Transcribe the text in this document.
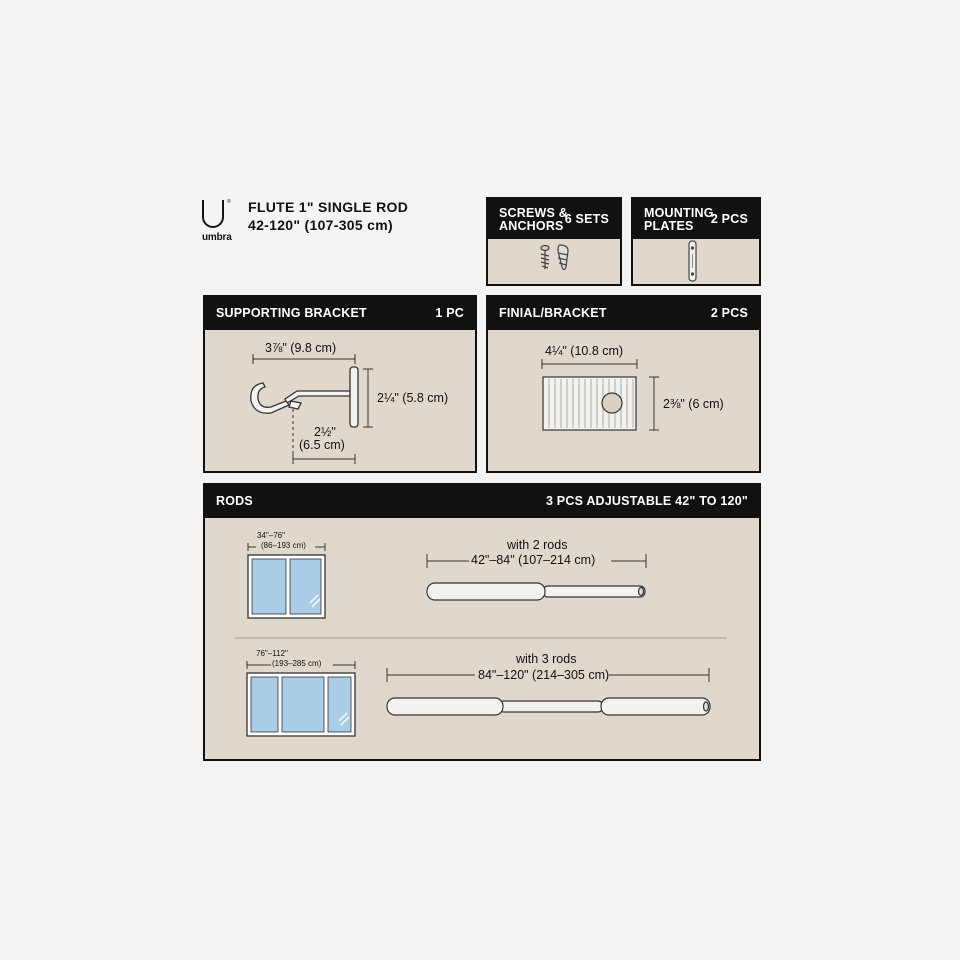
®
umbra
FLUTE 1" SINGLE ROD
42-120" (107-305 cm)
SCREWS &
ANCHORS 6 SETS	MOUNTING
PLATES 2 PCS
SUPPORTING BRACKET	1 PC
3⅞" (9.8 cm)
2¼" (5.8 cm)
2½"
(6.5 cm)
FINIAL/BRACKET	2 PCS
4¼" (10.8 cm)
2⅜" (6 cm)
RODS	3 PCS ADJUSTABLE 42" TO 120"
34"–76"
(86–193 cm)	with 2 rods
42"–84" (107–214 cm)
76"–112"
(193–285 cm)	with 3 rods
84"–120" (214–305 cm)
